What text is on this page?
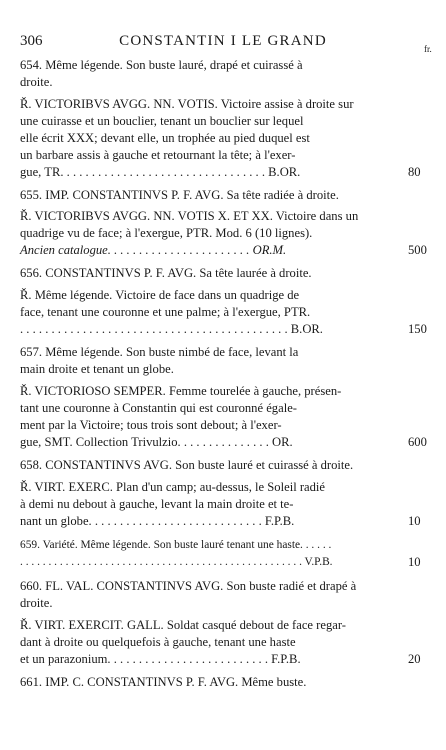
306	CONSTANTIN I LE GRAND	fr.
654. Même légende. Son buste lauré, drapé et cuirassé à
droite.
Ř. VICTORIBVS AVGG. NN. VOTIS. Victoire assise à droite sur
une cuirasse et un bouclier, tenant un bouclier sur lequel
elle écrit XXX; devant elle, un trophée au pied duquel est
un barbare assis à gauche et retournant la tête; à l'exer-
gue, TR. . . . . . . . . . . . . . . . . . . . . . . . . . . . . . . . . B.OR.
655. IMP. CONSTANTINVS P. F. AVG. Sa tête radiée à droite.
Ř. VICTORIBVS AVGG. NN. VOTIS X. ET XX. Victoire dans un
quadrige vu de face; à l'exergue, PTR. Mod. 6 (10 lignes).
Ancien catalogue. . . . . . . . . . . . . . . . . . . . . . . OR.M.
656. CONSTANTINVS P. F. AVG. Sa tête laurée à droite.
Ř. Même légende. Victoire de face dans un quadrige de
face, tenant une couronne et une palme; à l'exergue, PTR.
. . . . . . . . . . . . . . . . . . . . . . . . . . . . . . . . . . . . . . . . . . . B.OR.
657. Même légende. Son buste nimbé de face, levant la
main droite et tenant un globe.
Ř. VICTORIOSO SEMPER. Femme tourelée à gauche, présen-
tant une couronne à Constantin qui est couronné égale-
ment par la Victoire; tous trois sont debout; à l'exer-
gue, SMT. Collection Trivulzio. . . . . . . . . . . . . . . OR.
658. CONSTANTINVS AVG. Son buste lauré et cuirassé à droite.
Ř. VIRT. EXERC. Plan d'un camp; au-dessus, le Soleil radié
à demi nu debout à gauche, levant la main droite et te-
nant un globe. . . . . . . . . . . . . . . . . . . . . . . . . . . . F.P.B.
659. Variété. Même légende. Son buste lauré tenant une haste. . . . . .
. . . . . . . . . . . . . . . . . . . . . . . . . . . . . . . . . . . . . . . . . . . . . . . . . . V.P.B.
660. FL. VAL. CONSTANTINVS AVG. Son buste radié et drapé à
droite.
Ř. VIRT. EXERCIT. GALL. Soldat casqué debout de face regar-
dant à droite ou quelquefois à gauche, tenant une haste
et un parazonium. . . . . . . . . . . . . . . . . . . . . . . . . . F.P.B.
661. IMP. C. CONSTANTINVS P. F. AVG. Même buste.
80
500
150
600
10
10
20
